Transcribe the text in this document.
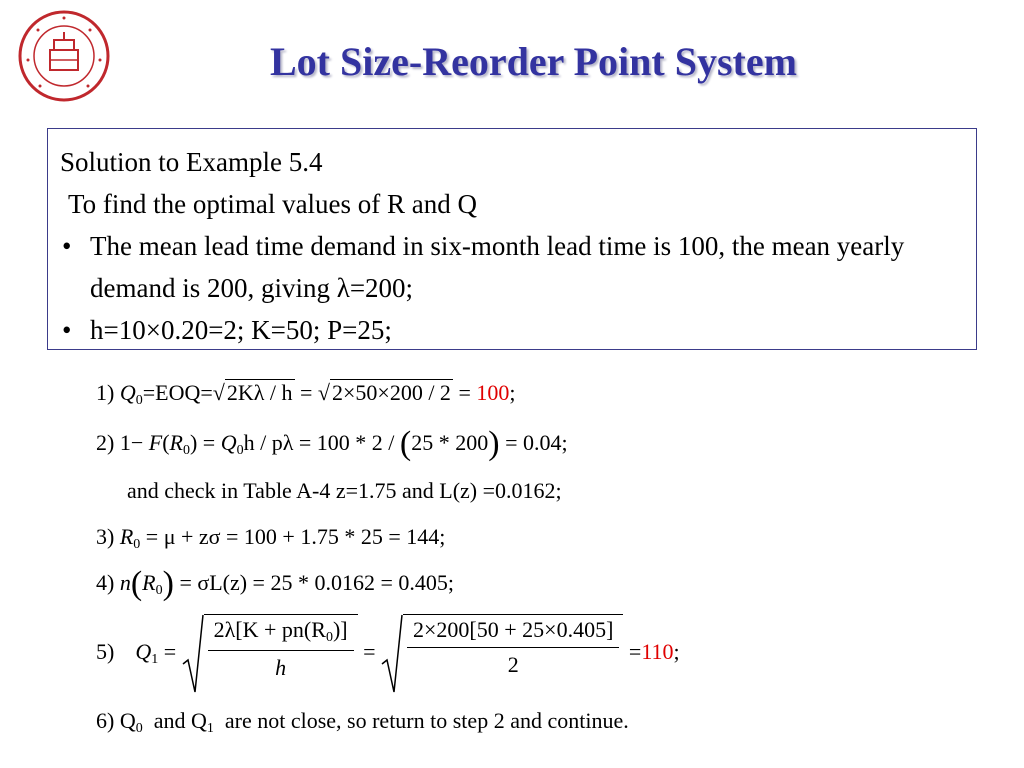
Lot Size-Reorder Point System
Solution to Example 5.4
To find the optimal values of R and Q
• The mean lead time demand in six-month lead time is 100, the mean yearly demand is 200, giving λ=200;
• h=10×0.20=2; K=50; P=25;
1) $Q_0=EOQ=√2K\lambda / h = √2\times 50\times 200 / 2 = 100$;
2) $1- F(R_0) = Q_0h / p\lambda = 100 * 2 / (25 * 200) = 0.04$;
and check in Table A-4 z=1.75 and L(z) =0.0162;
3) $R_0 = \mu + z\sigma = 100 + 1.75 * 25 = 144$;
4) $n(R_0) = \sigma L(z) = 25 * 0.0162 = 0.405$;
5) $Q_1 = \frac{2\lambda[K + pn(R_0)]}{h} = \frac{2\times 200[50 + 25\times 0.405]}{2} =110$;
6) $Q_0$  and $Q_1$  are not close, so return to step 2 and continue.
